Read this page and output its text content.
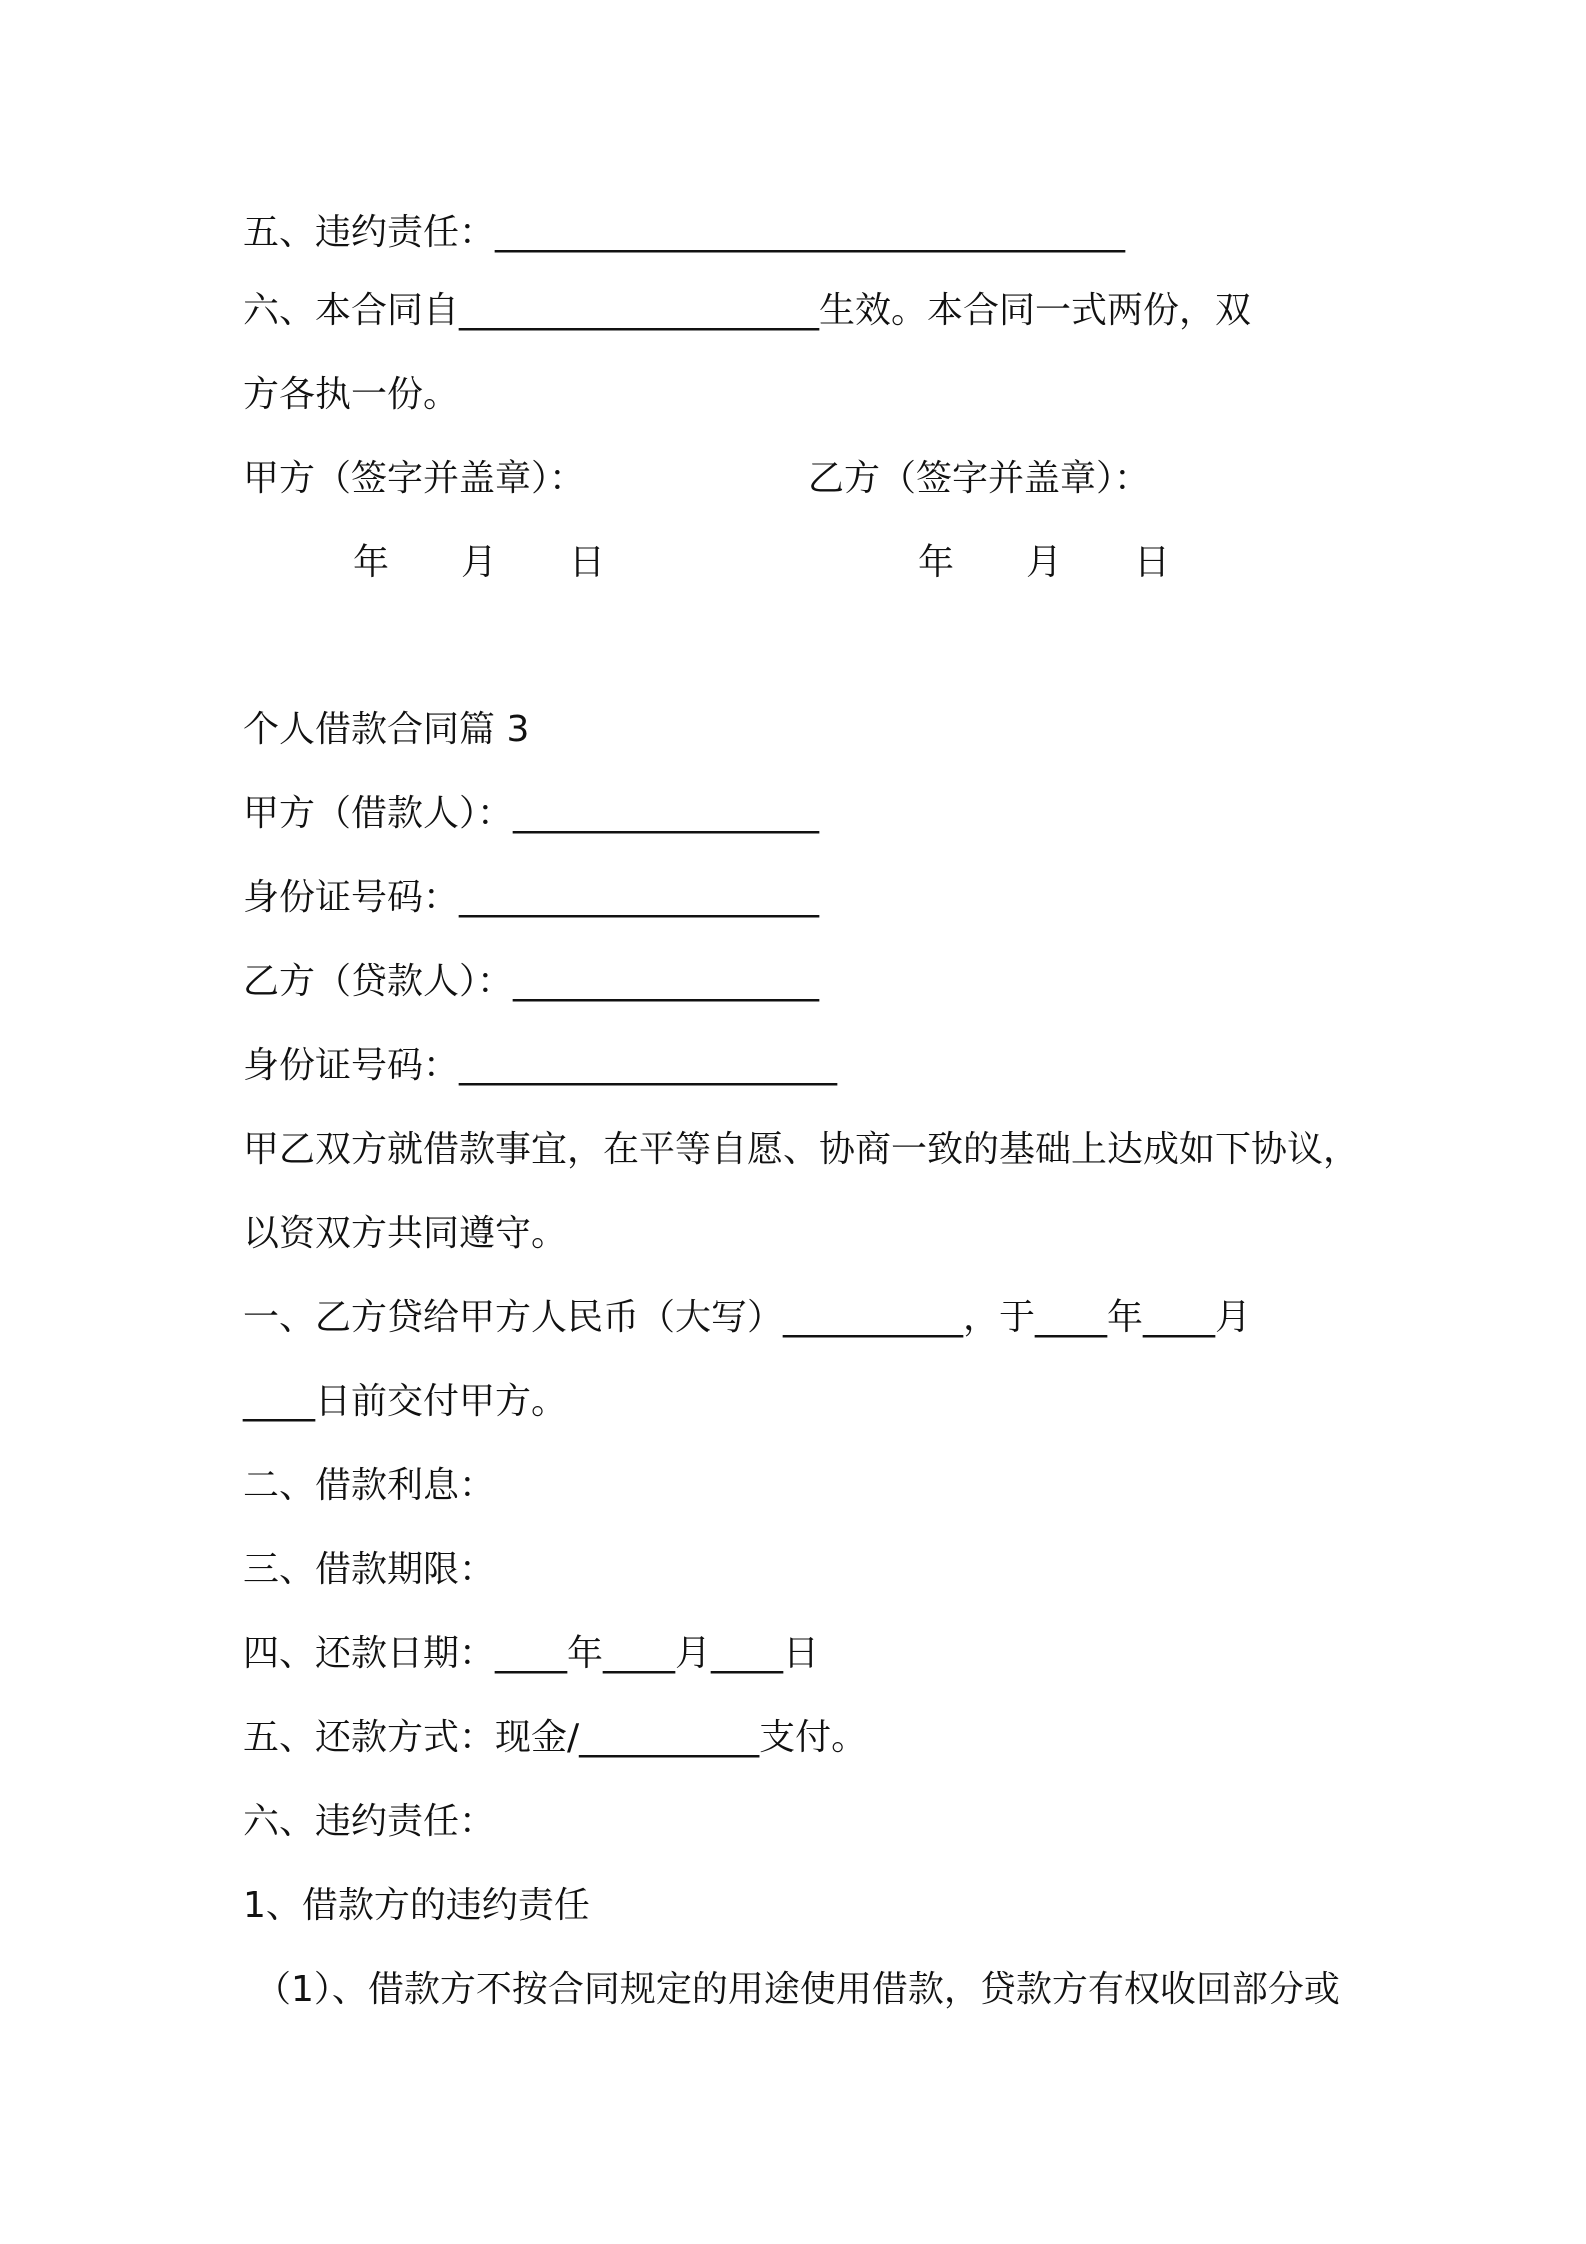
五、违约责任：___________________________________
六、本合同自____________________生效。本合同一式两份，双
方各执一份。
甲方（签字并盖章）：	乙方（签字并盖章）：
年　　月　　日	年　　月　　日
个人借款合同篇 3
甲方（借款人）：_________________
身份证号码：____________________
乙方（贷款人）：_________________
身份证号码：_____________________
甲乙双方就借款事宜，在平等自愿、协商一致的基础上达成如下协议，
以资双方共同遵守。
一、乙方贷给甲方人民币（大写）__________，于____年____月
____日前交付甲方。
二、借款利息：
三、借款期限：
四、还款日期：____年____月____日
五、还款方式：现金/__________支付。
六、违约责任：
1、借款方的违约责任
（1）、借款方不按合同规定的用途使用借款，贷款方有权收回部分或
